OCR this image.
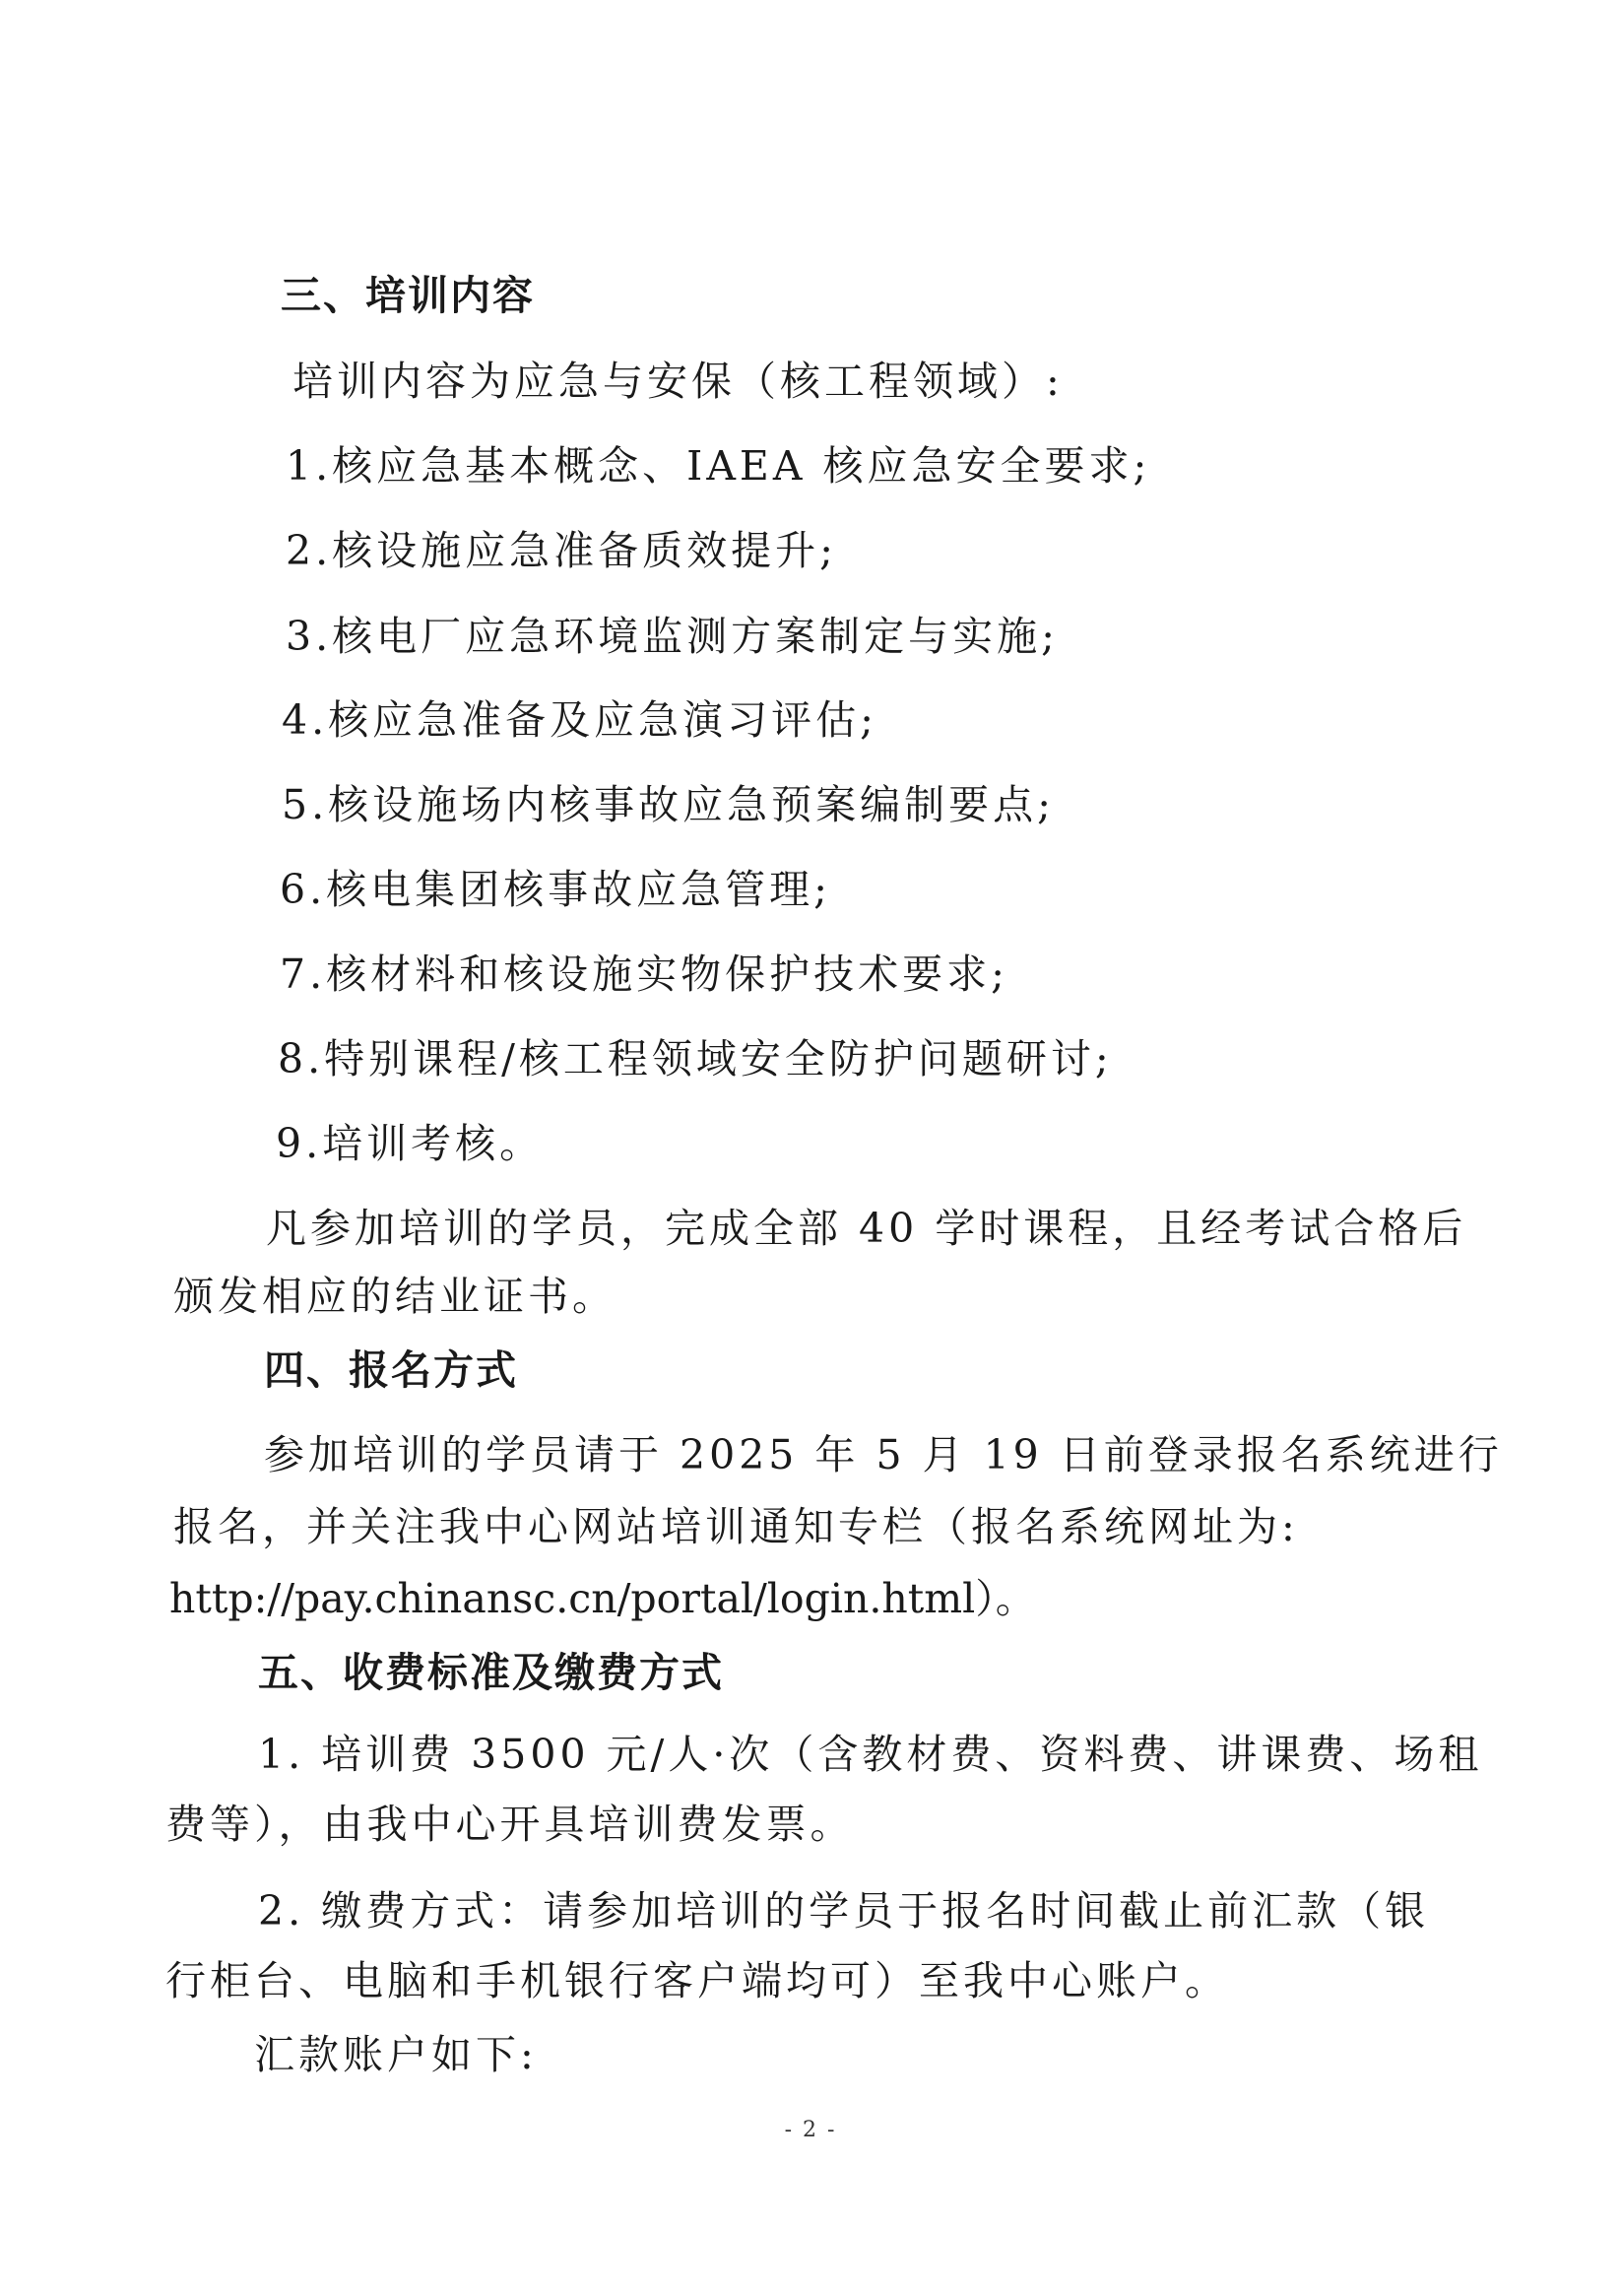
三、培训内容
培训内容为应急与安保（核工程领域）:
1.核应急基本概念、IAEA 核应急安全要求;
2.核设施应急准备质效提升;
3.核电厂应急环境监测方案制定与实施;
4.核应急准备及应急演习评估;
5.核设施场内核事故应急预案编制要点;
6.核电集团核事故应急管理;
7.核材料和核设施实物保护技术要求;
8.特别课程/核工程领域安全防护问题研讨;
9.培训考核。
凡参加培训的学员，完成全部 40 学时课程，且经考试合格后
颁发相应的结业证书。
四、报名方式
参加培训的学员请于 2025 年 5 月 19 日前登录报名系统进行
报名，并关注我中心网站培训通知专栏（报名系统网址为:
http://pay.chinansc.cn/portal/login.html）。
五、收费标准及缴费方式
1. 培训费 3500 元/人·次（含教材费、资料费、讲课费、场租
费等），由我中心开具培训费发票。
2. 缴费方式：请参加培训的学员于报名时间截止前汇款（银
行柜台、电脑和手机银行客户端均可）至我中心账户。
汇款账户如下:
- 2 -
